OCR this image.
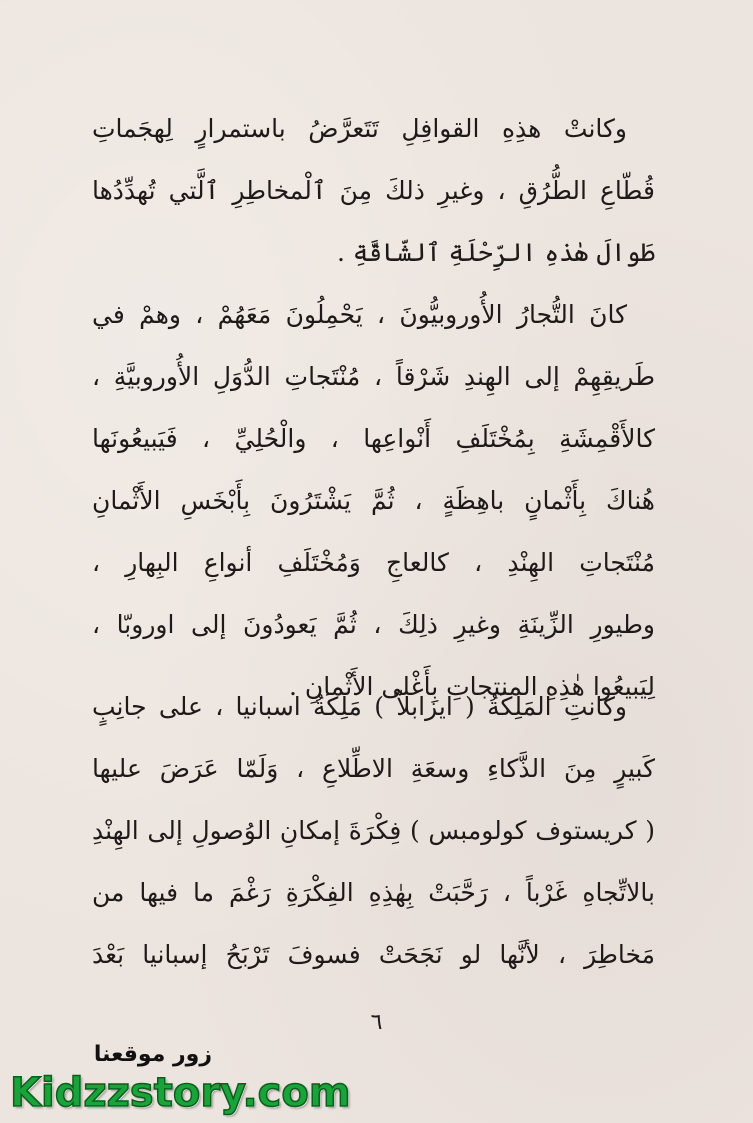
وكانتْ هذِهِ القوافِلِ تَتَعرَّضُ باستمرارٍ لِهجَماتِ
قُطّاعِ الطُّرُقِ ، وغيرِ ذلكَ مِنَ ٱلْمخاطِرِ ٱلَّتي تُهدِّدُها
طَوالَ هٰذهِ الرِّحْلَةِ ٱلشّاقَّةِ .
كانَ التُّجارُ الأُوروبيُّونَ ، يَحْمِلُونَ مَعَهُمْ ، وهمْ في
طَريقِهِمْ إلى الهِندِ شَرْقاً ، مُنْتَجاتِ الدُّوَلِ الأُوروبيَّةِ ،
كالأَقْمِشَةِ بِمُخْتَلَفِ أَنْواعِها ، والْحُلِيِّ ، فَيَبيعُونَها
هُناكَ بِأَثْمانٍ باهِظَةٍ ، ثُمَّ يَشْتَرُونَ بِأَبْخَسِ الأَثْمانِ
مُنْتَجاتِ الهِنْدِ ، كالعاجِ وَمُخْتَلَفِ أنواعِ البِهارِ ،
وطيورِ الزِّينَةِ وغيرِ ذلِكَ ، ثُمَّ يَعودُونَ إلى اوروبّا ،
لِيَبيعُوا هٰذِهِ المنتجاتِ بِأَغْلى الأَثْمانِ .
وكانتِ المَلِكَةُ ( ايزابلاّ ) مَلِكَةُ اسبانيا ، على جانِبٍ
كَبيرٍ مِنَ الذَّكاءِ وسعَةِ الاطِّلاعِ ، وَلَمّا عَرَضَ عليها
( كريستوف كولومبس ) فِكْرَةَ إمكانِ الوُصولِ إلى الهِنْدِ
بالاتِّجاهِ غَرْباً ، رَحَّبَتْ بِهٰذِهِ الفِكْرَةِ رَغْمَ ما فيها من
مَخاطِرَ ، لأنَّها لو نَجَحَتْ فسوفَ تَرْبَحُ إسبانيا بَعْدَ
٦
زور موقعنا
Kidzzstory.com
